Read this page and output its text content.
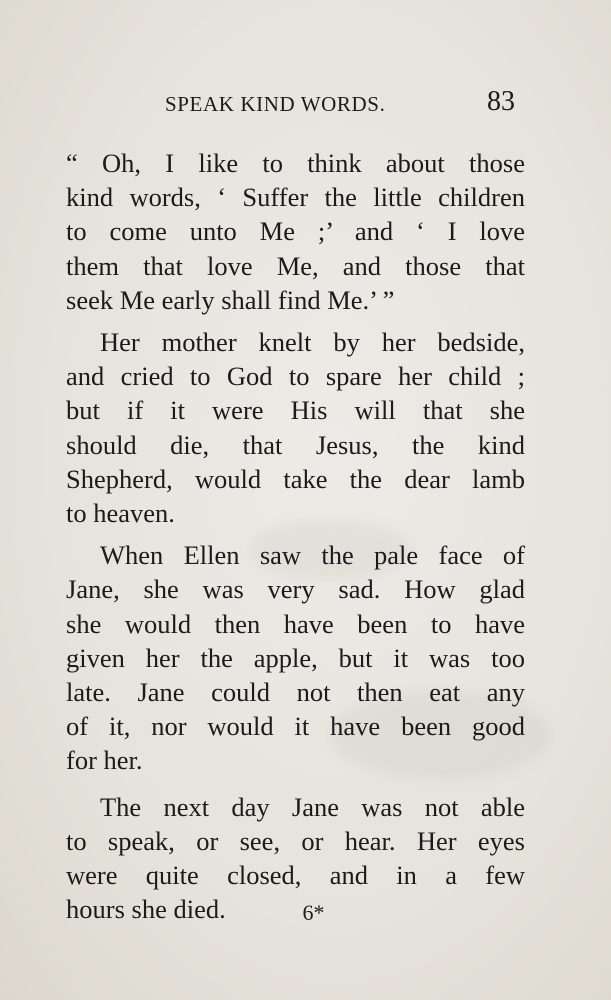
SPEAK KIND WORDS.	83
“ Oh, I like to think about those
kind words, ‘ Suffer the little children
to come unto Me ;’ and ‘ I love
them that love Me, and those that
seek Me early shall find Me.’ ”
Her mother knelt by her bedside,
and cried to God to spare her child ;
but if it were His will that she
should die, that Jesus, the kind
Shepherd, would take the dear lamb
to heaven.
When Ellen saw the pale face of
Jane, she was very sad. How glad
she would then have been to have
given her the apple, but it was too
late. Jane could not then eat any
of it, nor would it have been good
for her.
The next day Jane was not able
to speak, or see, or hear. Her eyes
were quite closed, and in a few
hours she died.	6*
